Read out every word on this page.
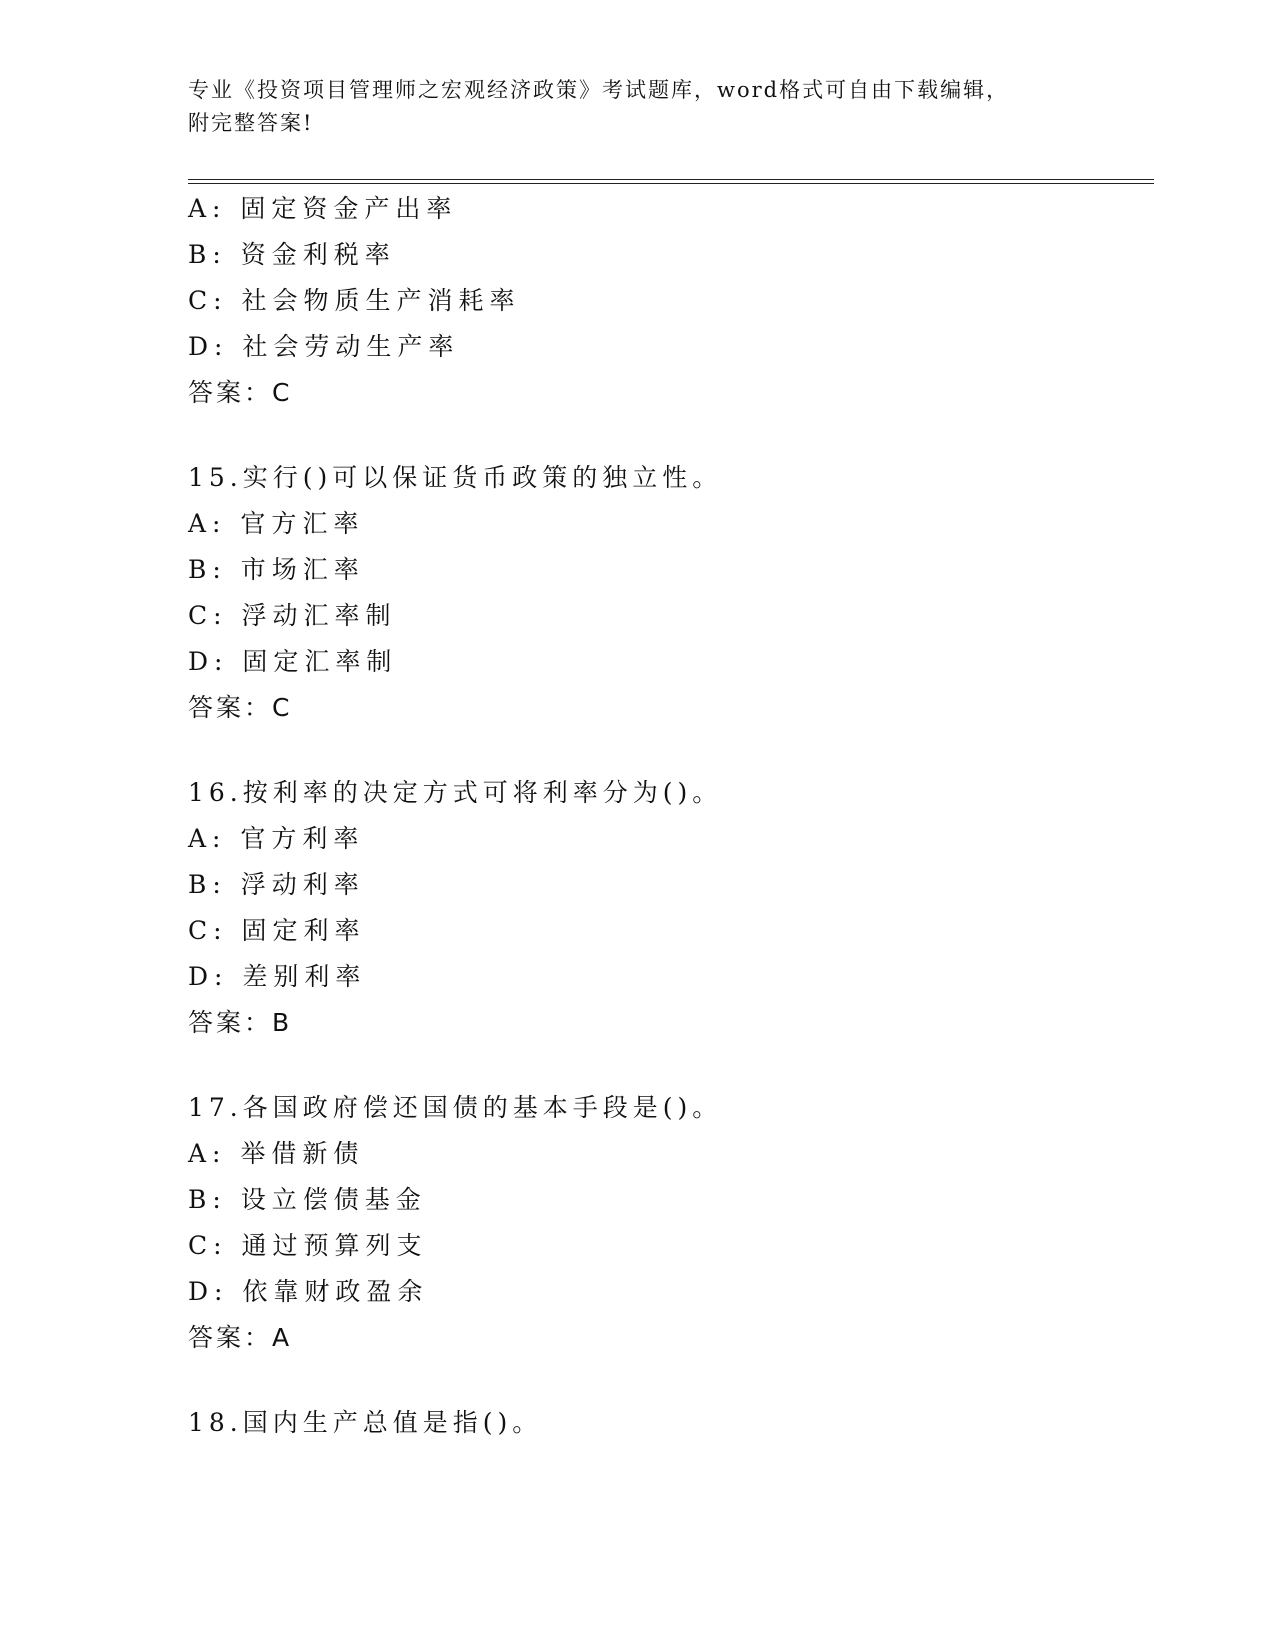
专业《投资项目管理师之宏观经济政策》考试题库，word格式可自由下载编辑，
附完整答案!
A: 固定资金产出率
B: 资金利税率
C: 社会物质生产消耗率
D: 社会劳动生产率
答案：C
15.实行()可以保证货币政策的独立性。
A: 官方汇率
B: 市场汇率
C: 浮动汇率制
D: 固定汇率制
答案：C
16.按利率的决定方式可将利率分为()。
A: 官方利率
B: 浮动利率
C: 固定利率
D: 差别利率
答案：B
17.各国政府偿还国债的基本手段是()。
A: 举借新债
B: 设立偿债基金
C: 通过预算列支
D: 依靠财政盈余
答案：A
18.国内生产总值是指()。
